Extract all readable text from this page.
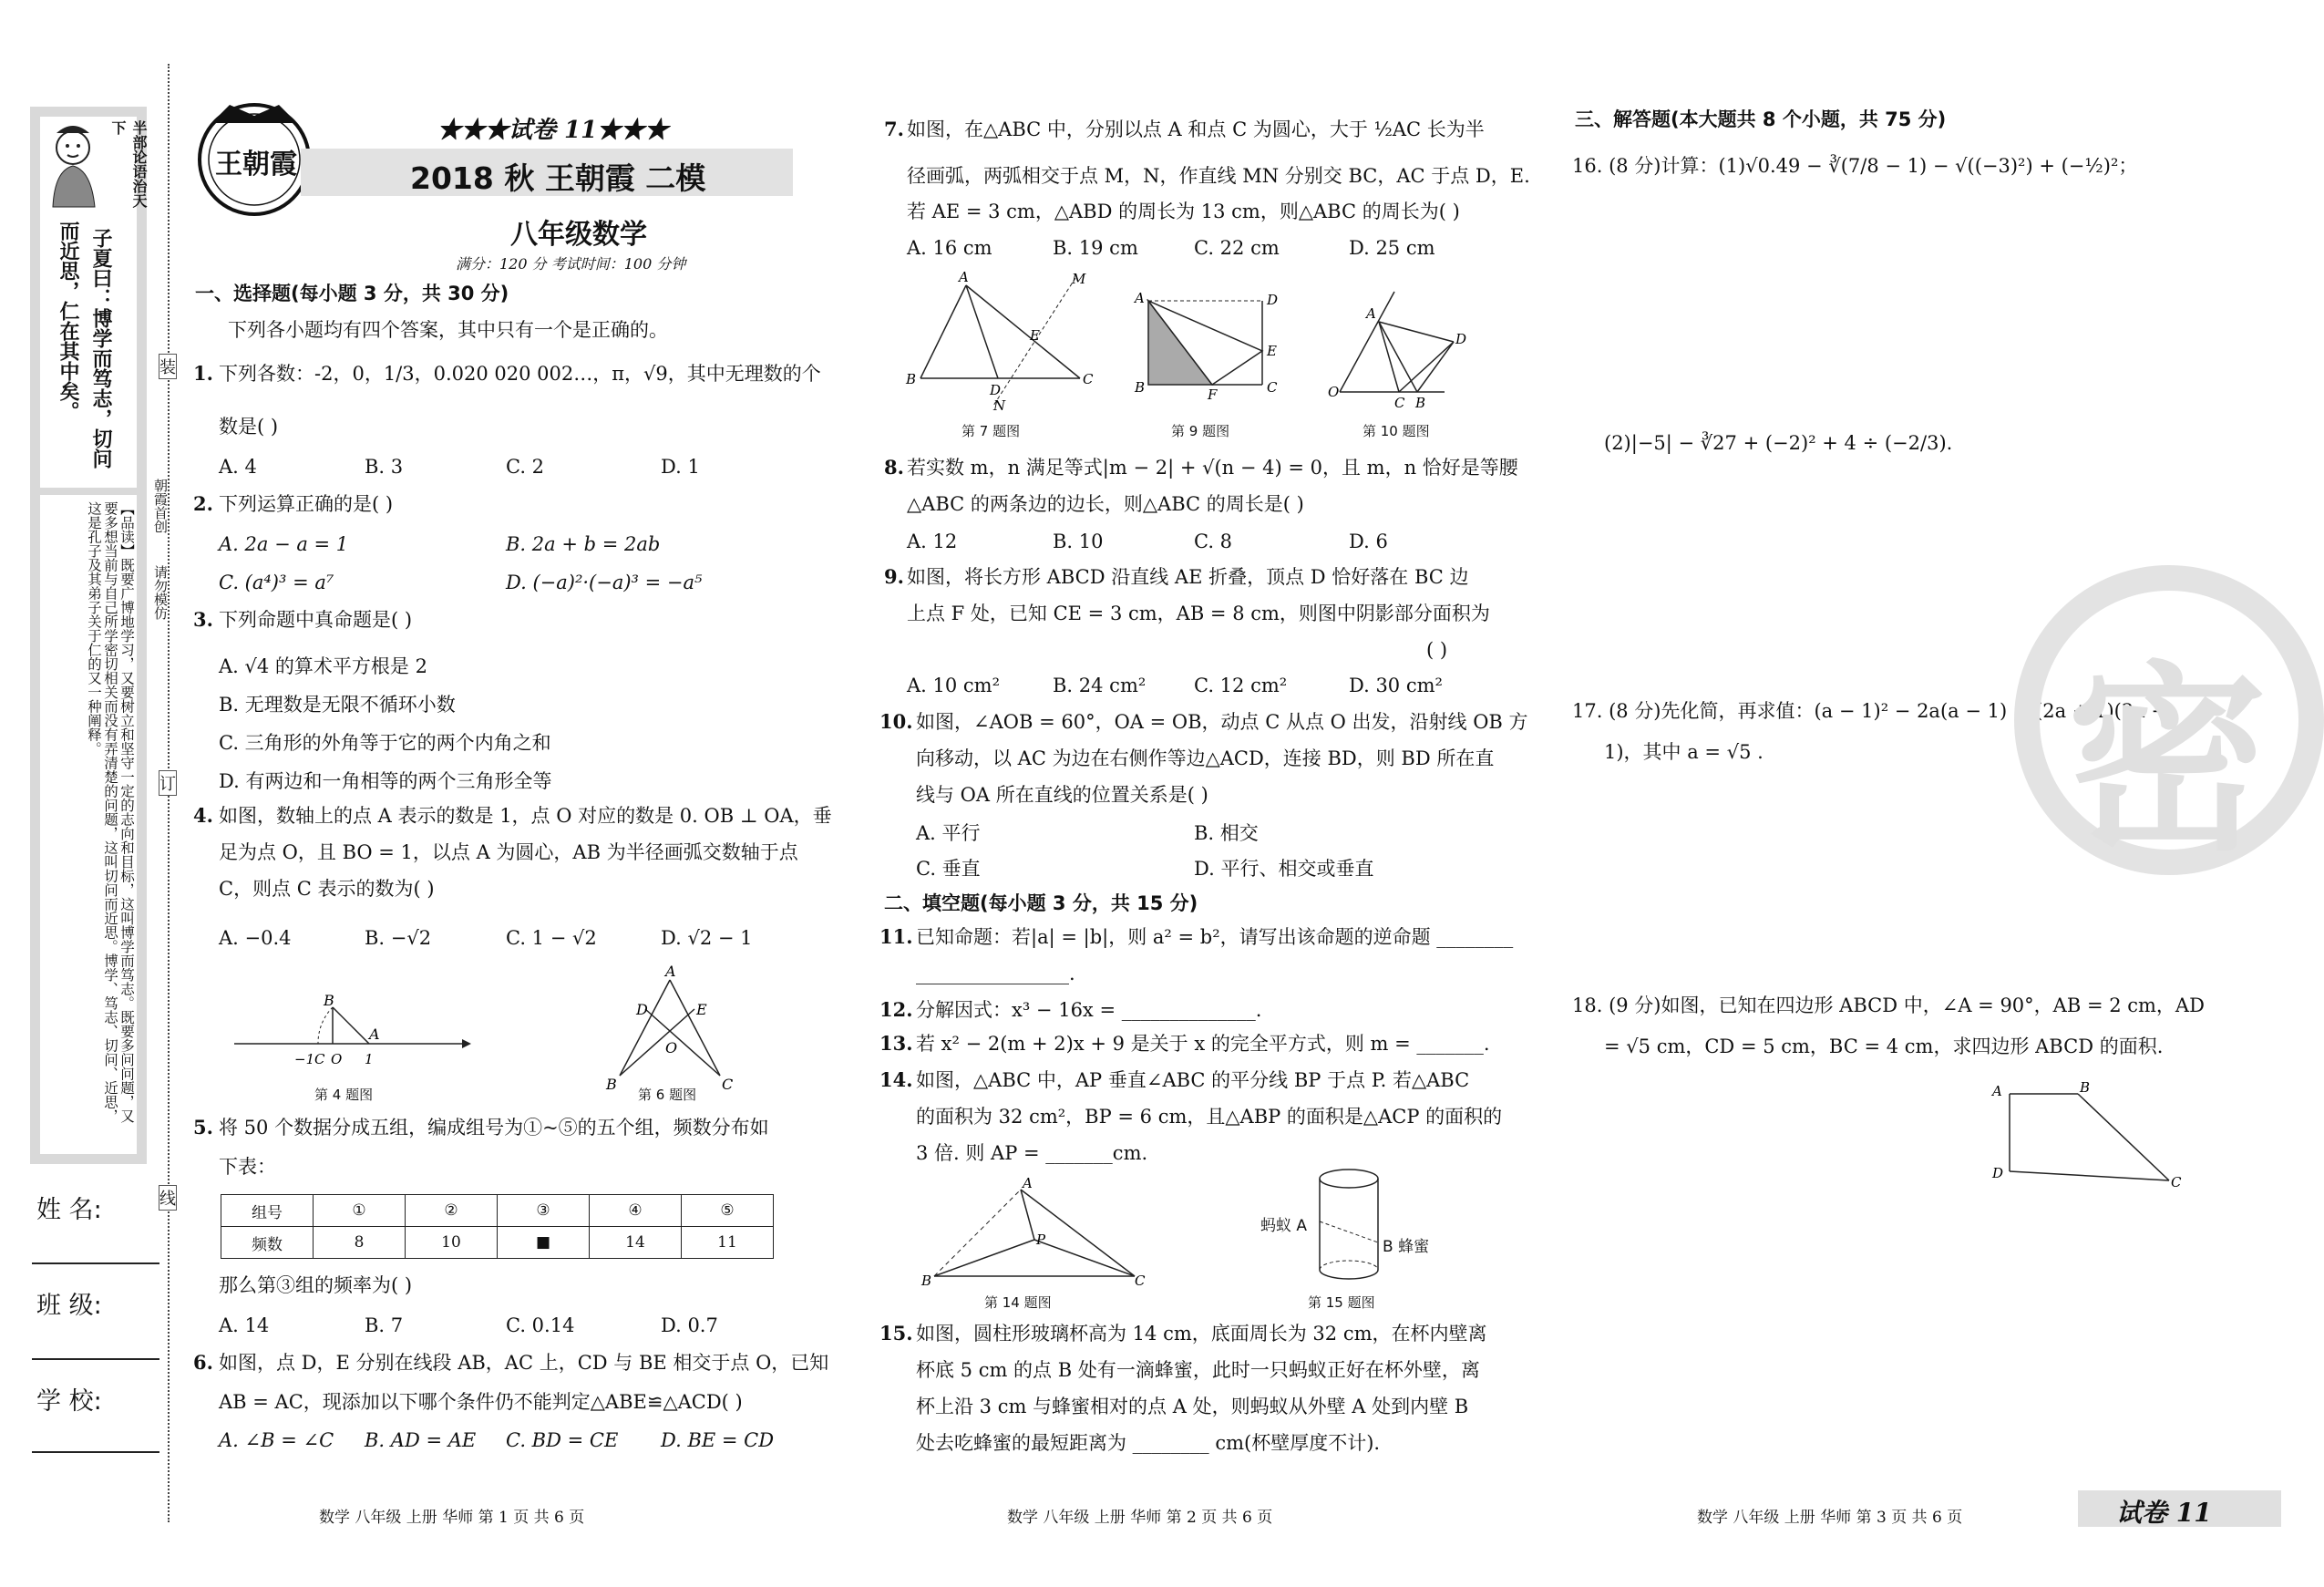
半部论语治天下
子夏曰：博学而笃志，切问
而近思，仁在其中矣。
【品读】既要广博地学习，又要树立和坚守一定的志向和目标，这叫博学而笃志。既要多问问题，又要多想当前与自己所学密切相关而没有弄清楚的问题，这叫切问而近思。博学、笃志、切问、近思，这是孔子及其弟子关于仁的又一种阐释。	朝霞首创
请勿模仿
装
订
线
姓 名:
班 级:
学 校:
王朝霞
★★★试卷 11★★★
2018 秋 王朝霞 二模
八年级数学
满分：120 分 考试时间：100 分钟
一、选择题(每小题 3 分，共 30 分)
下列各小题均有四个答案，其中只有一个是正确的。
1. 下列各数：-2，0，1/3，0.020 020 002…，π，√9，其中无理数的个
数是( )
A. 4	B. 3	C. 2	D. 1
2. 下列运算正确的是( )
A. 2a − a = 1	B. 2a + b = 2ab
C. (a⁴)³ = a⁷	D. (−a)²·(−a)³ = −a⁵
3. 下列命题中真命题是( )
A. √4 的算术平方根是 2
B. 无理数是无限不循环小数
C. 三角形的外角等于它的两个内角之和
D. 有两边和一角相等的两个三角形全等
4. 如图，数轴上的点 A 表示的数是 1，点 O 对应的数是 0. OB ⊥ OA，垂
足为点 O，且 BO = 1，以点 A 为圆心，AB 为半径画弧交数轴于点
C，则点 C 表示的数为( )
A. −0.4	B. −√2	C. 1 − √2	D. √2 − 1
B
A
−1 C O 1
第 4 题图
A
D	E
O
B	C
第 6 题图
5. 将 50 个数据分成五组，编成组号为①~⑤的五个组，频数分布如
下表：
组号	①	②	③	④	⑤
频数	8	10	■	14	11
那么第③组的频率为( )
A. 14	B. 7	C. 0.14	D. 0.7
6. 如图，点 D，E 分别在线段 AB，AC 上，CD 与 BE 相交于点 O，已知
AB = AC，现添加以下哪个条件仍不能判定△ABE≌△ACD( )
A. ∠B = ∠C B. AD = AE C. BD = CE D. BE = CD
数学 八年级 上册 华师 第 1 页 共 6 页
7. 如图，在△ABC 中，分别以点 A 和点 C 为圆心，大于 ½AC 长为半
径画弧，两弧相交于点 M，N，作直线 MN 分别交 BC，AC 于点 D，E.
若 AE = 3 cm，△ABD 的周长为 13 cm，则△ABC 的周长为( )
A. 16 cm	B. 19 cm	C. 22 cm	D. 25 cm
A
B	C
D
E
M
N
第 7 题图
A	D
E
B	F	C
第 9 题图
A
D
O
C B
第 10 题图
8. 若实数 m，n 满足等式|m − 2| + √(n − 4) = 0，且 m，n 恰好是等腰
△ABC 的两条边的边长，则△ABC 的周长是( )
A. 12	B. 10	C. 8	D. 6
9. 如图，将长方形 ABCD 沿直线 AE 折叠，顶点 D 恰好落在 BC 边
上点 F 处，已知 CE = 3 cm，AB = 8 cm，则图中阴影部分面积为
( )
A. 10 cm²	B. 24 cm²	C. 12 cm²	D. 30 cm²
10. 如图，∠AOB = 60°，OA = OB，动点 C 从点 O 出发，沿射线 OB 方
向移动，以 AC 为边在右侧作等边△ACD，连接 BD，则 BD 所在直
线与 OA 所在直线的位置关系是( )
A. 平行	B. 相交
C. 垂直	D. 平行、相交或垂直
二、填空题(每小题 3 分，共 15 分)
11. 已知命题：若|a| = |b|，则 a² = b²，请写出该命题的逆命题 ________
________________.
12. 分解因式：x³ − 16x = ______________.
13. 若 x² − 2(m + 2)x + 9 是关于 x 的完全平方式，则 m = _______.
14. 如图，△ABC 中，AP 垂直∠ABC 的平分线 BP 于点 P. 若△ABC
的面积为 32 cm²，BP = 6 cm，且△ABP 的面积是△ACP 的面积的
3 倍. 则 AP = _______cm.
A
P
B	C
第 14 题图
蚂蚁 A
B 蜂蜜
第 15 题图
15. 如图，圆柱形玻璃杯高为 14 cm，底面周长为 32 cm，在杯内壁离
杯底 5 cm 的点 B 处有一滴蜂蜜，此时一只蚂蚁正好在杯外壁，离
杯上沿 3 cm 与蜂蜜相对的点 A 处，则蚂蚁从外壁 A 处到内壁 B
处去吃蜂蜜的最短距离为 ________ cm(杯壁厚度不计).
数学 八年级 上册 华师 第 2 页 共 6 页
三、解答题(本大题共 8 个小题，共 75 分)
16. (8 分)计算：(1)√0.49 − ∛(7/8 − 1) − √((−3)²) + (−½)²；
(2)|−5| − ∛27 + (−2)² + 4 ÷ (−2/3).
17. (8 分)先化简，再求值：(a − 1)² − 2a(a − 1) + (2a + 1)(2a −
1)，其中 a = √5 . 密
18. (9 分)如图，已知在四边形 ABCD 中，∠A = 90°，AB = 2 cm，AD
= √5 cm，CD = 5 cm，BC = 4 cm，求四边形 ABCD 的面积.
A	B
D
C
数学 八年级 上册 华师 第 3 页 共 6 页	试卷 11
